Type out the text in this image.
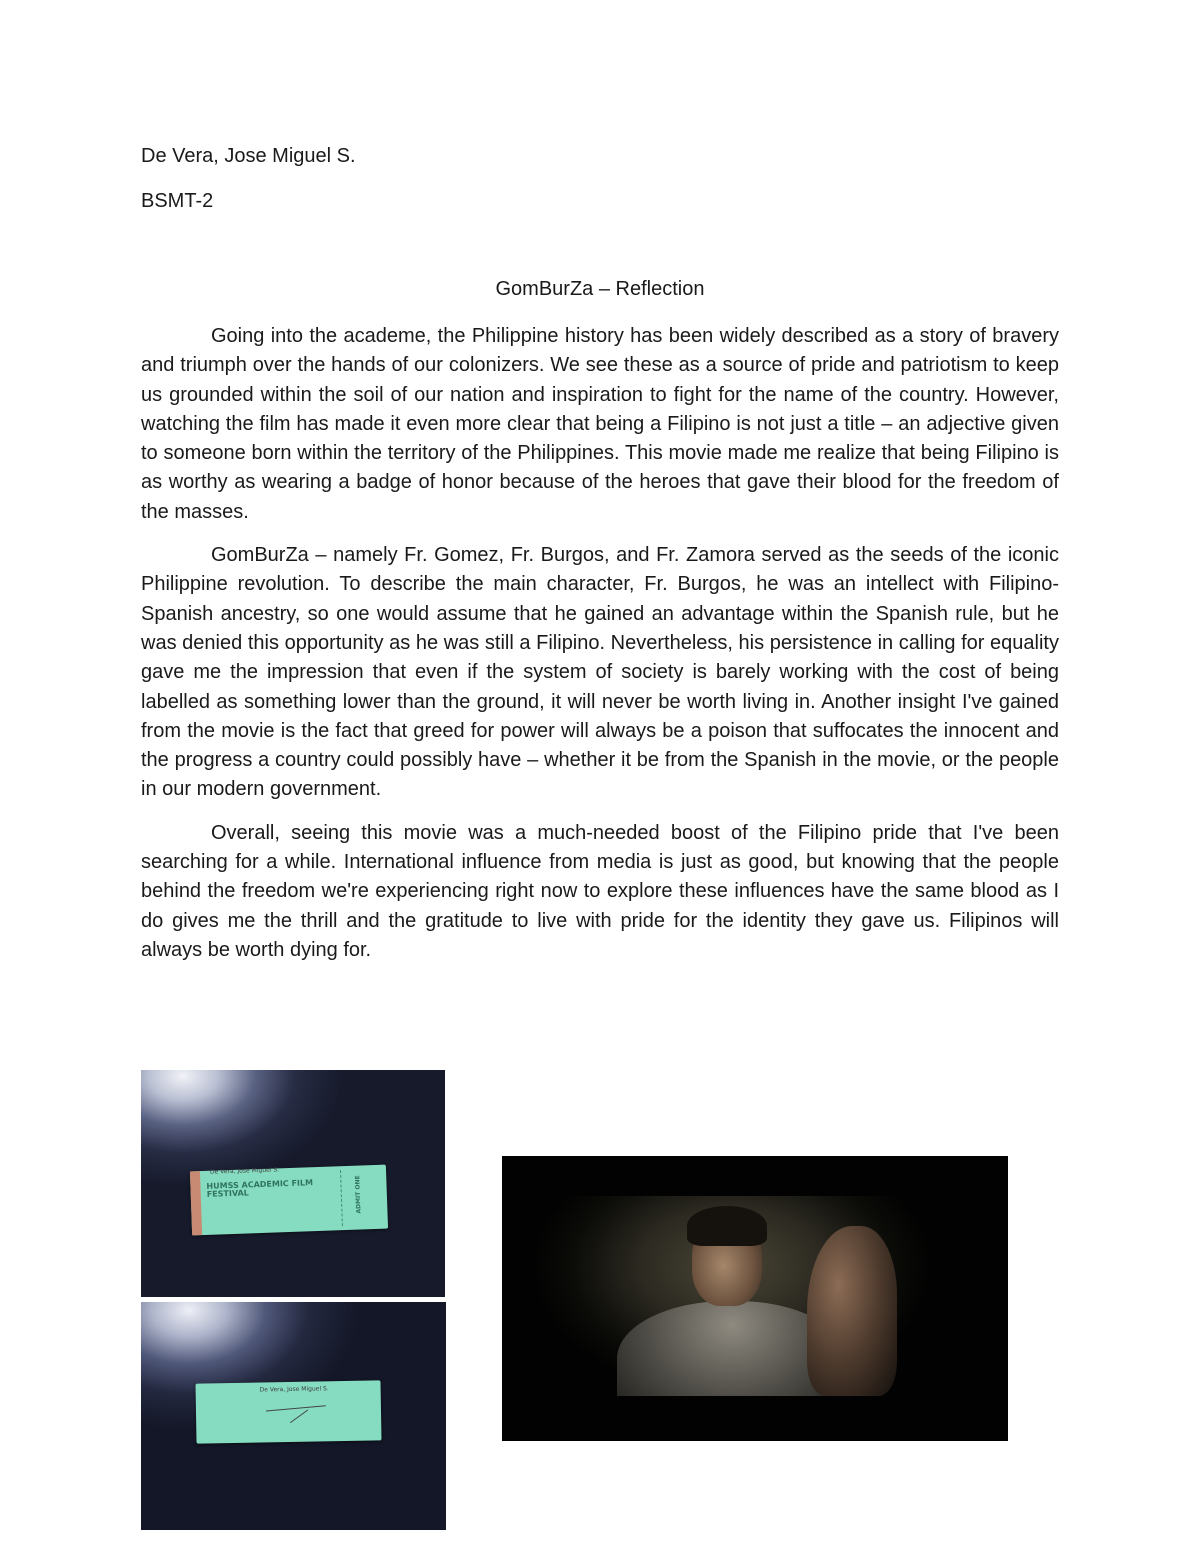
De Vera, Jose Miguel S.

BSMT-2

GomBurZa – Reflection

Going into the academe, the Philippine history has been widely described as a story of bravery and triumph over the hands of our colonizers. We see these as a source of pride and patriotism to keep us grounded within the soil of our nation and inspiration to fight for the name of the country. However, watching the film has made it even more clear that being a Filipino is not just a title – an adjective given to someone born within the territory of the Philippines. This movie made me realize that being Filipino is as worthy as wearing a badge of honor because of the heroes that gave their blood for the freedom of the masses.

GomBurZa – namely Fr. Gomez, Fr. Burgos, and Fr. Zamora served as the seeds of the iconic Philippine revolution. To describe the main character, Fr. Burgos, he was an intellect with Filipino-Spanish ancestry, so one would assume that he gained an advantage within the Spanish rule, but he was denied this opportunity as he was still a Filipino. Nevertheless, his persistence in calling for equality gave me the impression that even if the system of society is barely working with the cost of being labelled as something lower than the ground, it will never be worth living in. Another insight I've gained from the movie is the fact that greed for power will always be a poison that suffocates the innocent and the progress a country could possibly have – whether it be from the Spanish in the movie, or the people in our modern government.

Overall, seeing this movie was a much-needed boost of the Filipino pride that I've been searching for a while. International influence from media is just as good, but knowing that the people behind the freedom we're experiencing right now to explore these influences have the same blood as I do gives me the thrill and the gratitude to live with pride for the identity they gave us. Filipinos will always be worth dying for.

De Vera, Jose Miguel S.
HUMSS ACADEMIC FILM FESTIVAL	ADMIT ONE
De Vera, Jose Miguel S.
